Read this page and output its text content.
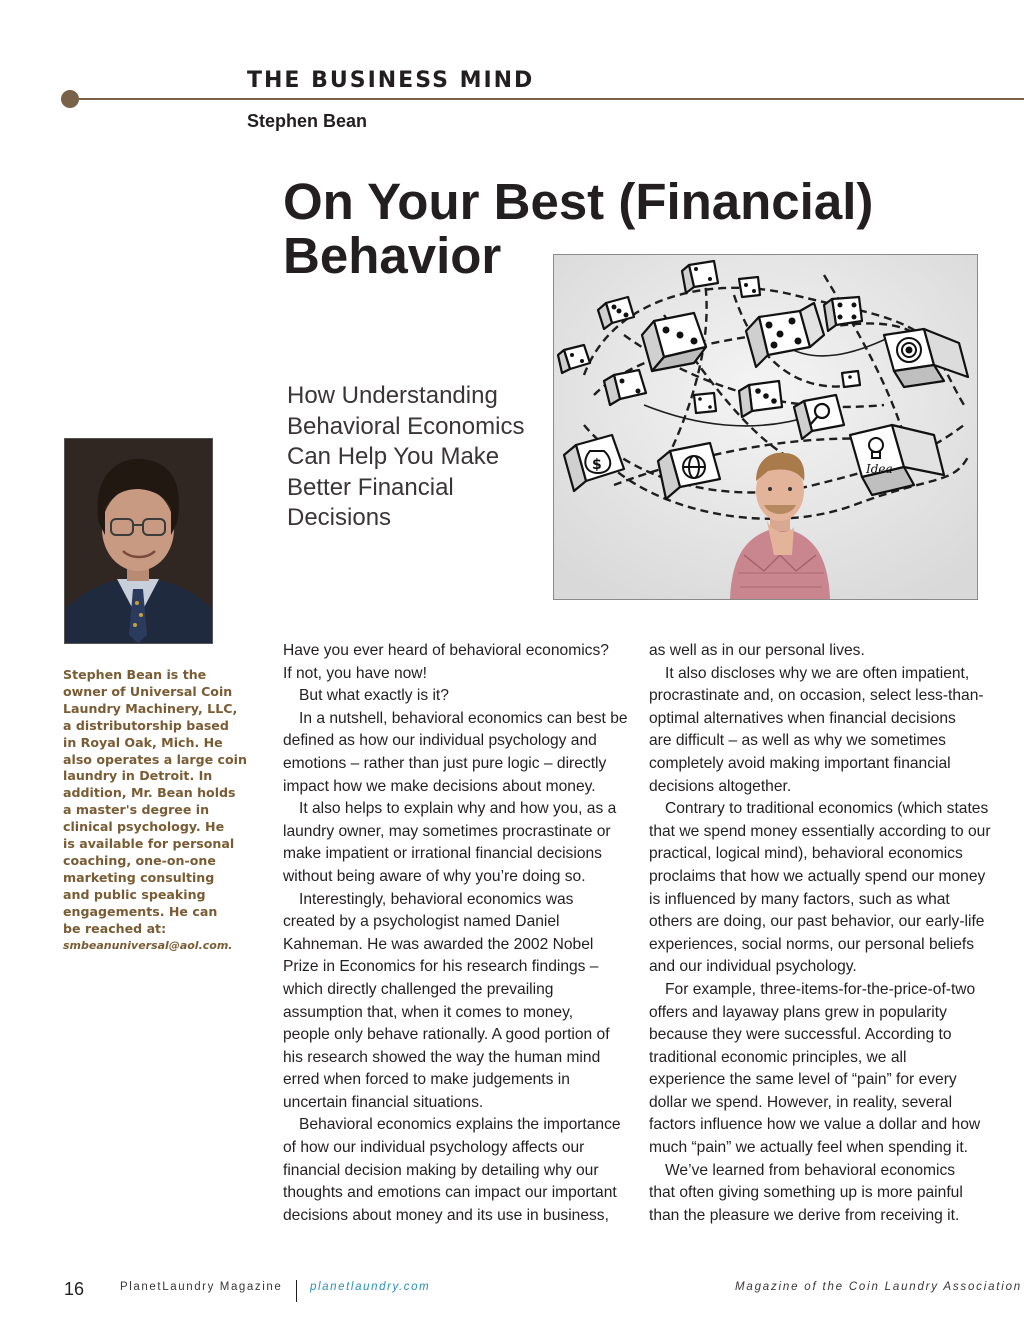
THE BUSINESS MIND
Stephen Bean
On Your Best (Financial)
Behavior
How Understanding
Behavioral Economics
Can Help You Make
Better Financial
Decisions
$	Idea
Stephen Bean is the
owner of Universal Coin
Laundry Machinery, LLC,
a distributorship based
in Royal Oak, Mich. He
also operates a large coin
laundry in Detroit. In
addition, Mr. Bean holds
a master's degree in
clinical psychology. He
is available for personal
coaching, one-on-one
marketing consulting
and public speaking
engagements. He can
be reached at:
smbeanuniversal@aol.com.
Have you ever heard of behavioral economics?
If not, you have now!
But what exactly is it?
In a nutshell, behavioral economics can best be
defined as how our individual psychology and
emotions – rather than just pure logic – directly
impact how we make decisions about money.
It also helps to explain why and how you, as a
laundry owner, may sometimes procrastinate or
make impatient or irrational financial decisions
without being aware of why you’re doing so.
Interestingly, behavioral economics was
created by a psychologist named Daniel
Kahneman. He was awarded the 2002 Nobel
Prize in Economics for his research findings –
which directly challenged the prevailing
assumption that, when it comes to money,
people only behave rationally. A good portion of
his research showed the way the human mind
erred when forced to make judgements in
uncertain financial situations.
Behavioral economics explains the importance
of how our individual psychology affects our
financial decision making by detailing why our
thoughts and emotions can impact our important
decisions about money and its use in business,
as well as in our personal lives.
It also discloses why we are often impatient,
procrastinate and, on occasion, select less-than-
optimal alternatives when financial decisions
are difficult – as well as why we sometimes
completely avoid making important financial
decisions altogether.
Contrary to traditional economics (which states
that we spend money essentially according to our
practical, logical mind), behavioral economics
proclaims that how we actually spend our money
is influenced by many factors, such as what
others are doing, our past behavior, our early-life
experiences, social norms, our personal beliefs
and our individual psychology.
For example, three-items-for-the-price-of-two
offers and layaway plans grew in popularity
because they were successful. According to
traditional economic principles, we all
experience the same level of “pain” for every
dollar we spend. However, in reality, several
factors influence how we value a dollar and how
much “pain” we actually feel when spending it.
We’ve learned from behavioral economics
that often giving something up is more painful
than the pleasure we derive from receiving it.
16	PlanetLaundry Magazine planetlaundry.com	Magazine of the Coin Laundry Association
